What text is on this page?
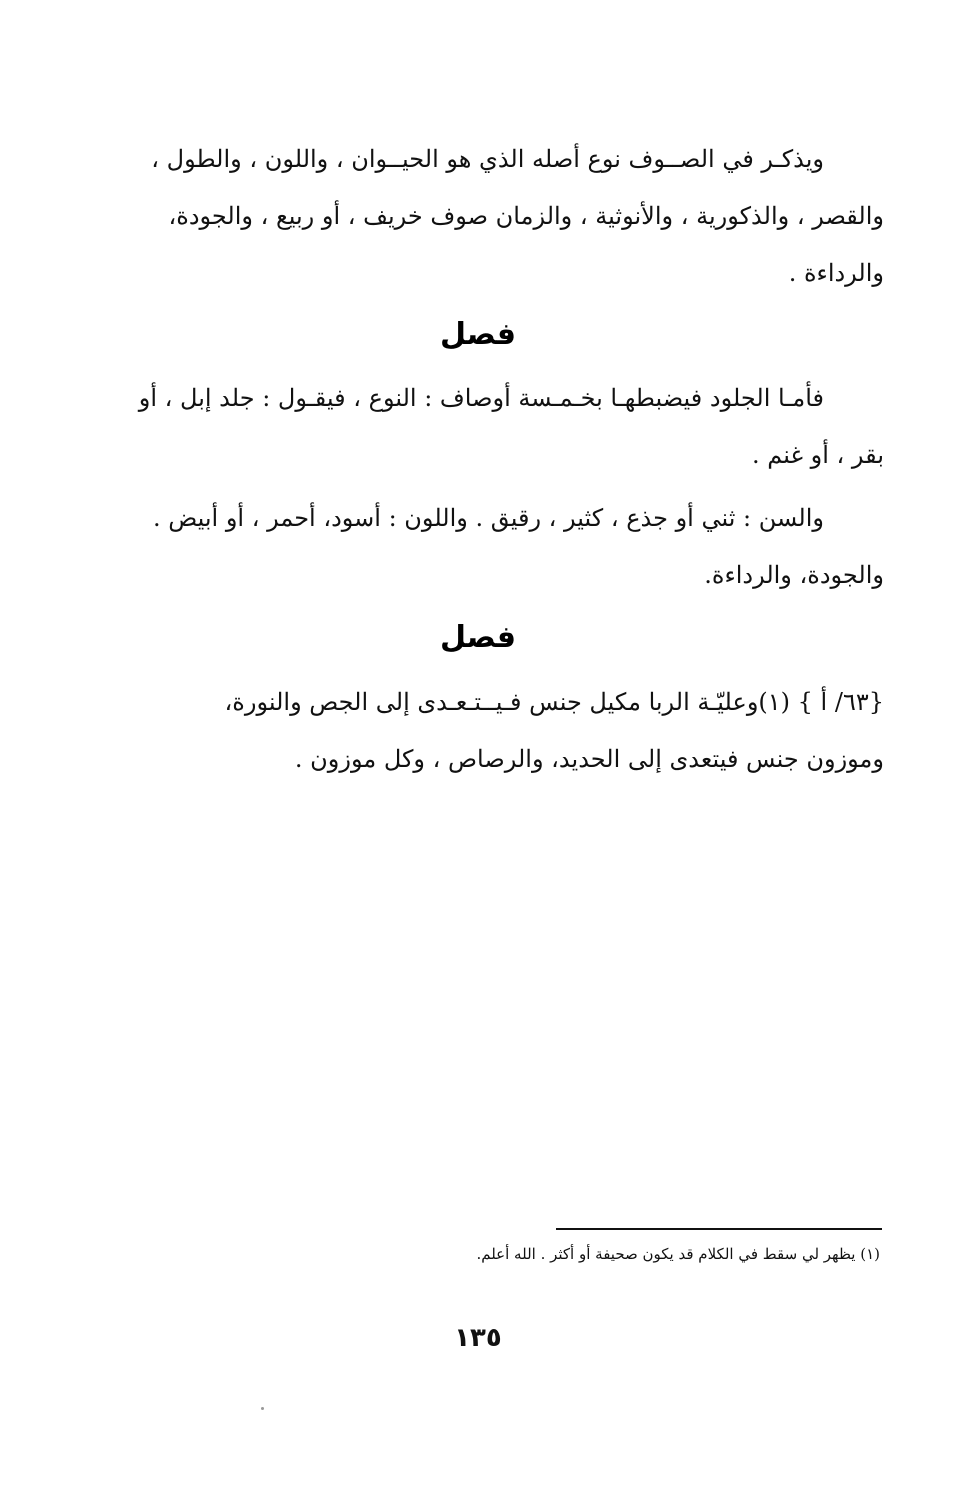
ويذكـر في الصــوف نوع أصله الذي هو الحيــوان ، واللون ، والطول ،
والقصر ، والذكورية ، والأنوثية ، والزمان صوف خريف ، أو ربيع ، والجودة،
والرداءة .
فصل
فأمـا الجلود فيضبطهـا بخـمـسة أوصاف : النوع ، فيقـول : جلد إبل ، أو
بقر ، أو غنم .
والسن : ثني أو جذع ، كثير ، رقيق . واللون : أسود، أحمر ، أو أبيض .
والجودة، والرداءة.
فصل
{٦٣/ أ } (١)وعليّـة الربا مكيل جنس فـيــتـعـدى إلى الجص والنورة،
وموزون جنس فيتعدى إلى الحديد، والرصاص ، وكل موزون .
(١) يظهر لي سقط في الكلام قد يكون صحيفة أو أكثر . الله أعلم.
١٣٥
